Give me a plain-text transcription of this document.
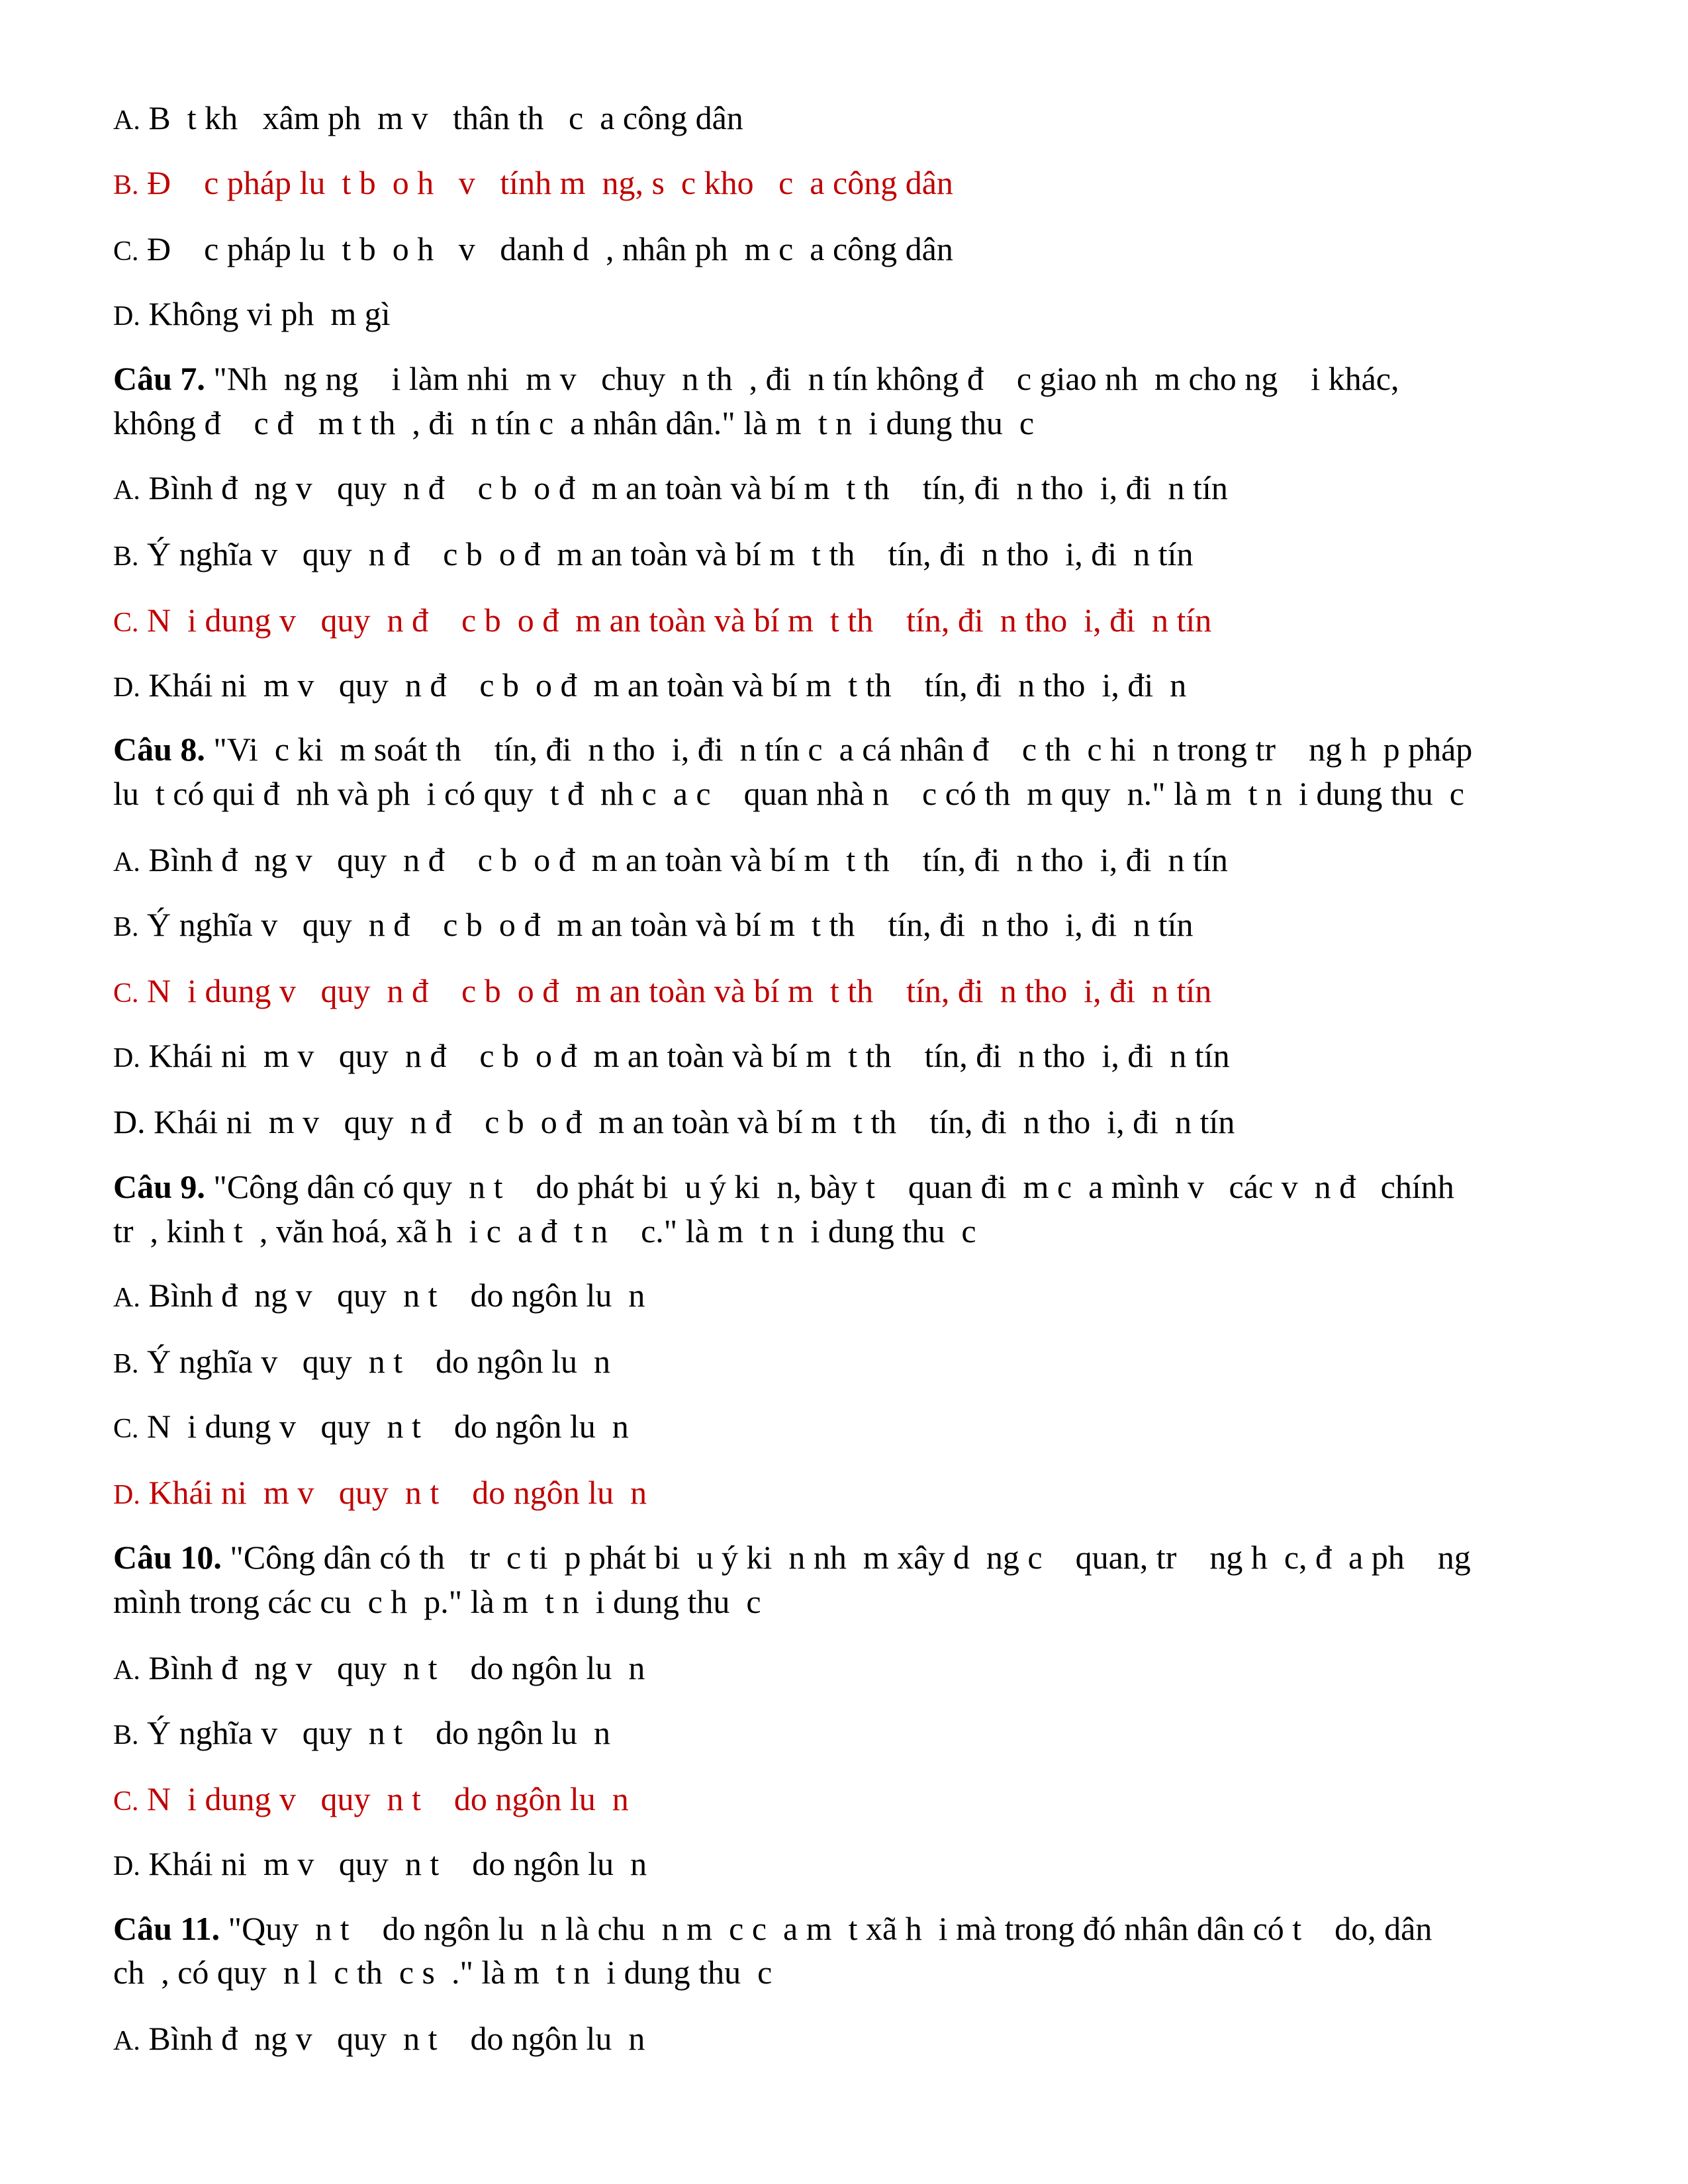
A. B  t kh   xâm ph  m v   thân th   c  a công dân
B. Đ    c pháp lu  t b  o h   v   tính m  ng, s  c kho   c  a công dân
C. Đ    c pháp lu  t b  o h   v   danh d  , nhân ph  m c  a công dân
D. Không vi ph  m gì
Câu 7. "Nh  ng ng    i làm nhi  m v   chuy  n th  , đi  n tín không đ    c giao nh  m cho ng    i khác,
không đ    c đ   m t th  , đi  n tín c  a nhân dân." là m  t n  i dung thu  c
A. Bình đ  ng v   quy  n đ    c b  o đ  m an toàn và bí m  t th    tín, đi  n tho  i, đi  n tín
B. Ý nghĩa v   quy  n đ    c b  o đ  m an toàn và bí m  t th    tín, đi  n tho  i, đi  n tín
C. N  i dung v   quy  n đ    c b  o đ  m an toàn và bí m  t th    tín, đi  n tho  i, đi  n tín
D. Khái ni  m v   quy  n đ    c b  o đ  m an toàn và bí m  t th    tín, đi  n tho  i, đi  n
Câu 8. "Vi  c ki  m soát th    tín, đi  n tho  i, đi  n tín c  a cá nhân đ    c th  c hi  n trong tr    ng h  p pháp
lu  t có qui đ  nh và ph  i có quy  t đ  nh c  a c    quan nhà n    c có th  m quy  n." là m  t n  i dung thu  c
A. Bình đ  ng v   quy  n đ    c b  o đ  m an toàn và bí m  t th    tín, đi  n tho  i, đi  n tín
B. Ý nghĩa v   quy  n đ    c b  o đ  m an toàn và bí m  t th    tín, đi  n tho  i, đi  n tín
C. N  i dung v   quy  n đ    c b  o đ  m an toàn và bí m  t th    tín, đi  n tho  i, đi  n tín
D. Khái ni  m v   quy  n đ    c b  o đ  m an toàn và bí m  t th    tín, đi  n tho  i, đi  n tín
D. Khái ni  m v   quy  n đ    c b  o đ  m an toàn và bí m  t th    tín, đi  n tho  i, đi  n tín
Câu 9. "Công dân có quy  n t    do phát bi  u ý ki  n, bày t    quan đi  m c  a mình v   các v  n đ   chính
tr  , kinh t  , văn hoá, xã h  i c  a đ  t n    c." là m  t n  i dung thu  c
A. Bình đ  ng v   quy  n t    do ngôn lu  n
B. Ý nghĩa v   quy  n t    do ngôn lu  n
C. N  i dung v   quy  n t    do ngôn lu  n
D. Khái ni  m v   quy  n t    do ngôn lu  n
Câu 10. "Công dân có th   tr  c ti  p phát bi  u ý ki  n nh  m xây d  ng c    quan, tr    ng h  c, đ  a ph    ng
mình trong các cu  c h  p." là m  t n  i dung thu  c
A. Bình đ  ng v   quy  n t    do ngôn lu  n
B. Ý nghĩa v   quy  n t    do ngôn lu  n
C. N  i dung v   quy  n t    do ngôn lu  n
D. Khái ni  m v   quy  n t    do ngôn lu  n
Câu 11. "Quy  n t    do ngôn lu  n là chu  n m  c c  a m  t xã h  i mà trong đó nhân dân có t    do, dân
ch  , có quy  n l  c th  c s  ." là m  t n  i dung thu  c
A. Bình đ  ng v   quy  n t    do ngôn lu  n
